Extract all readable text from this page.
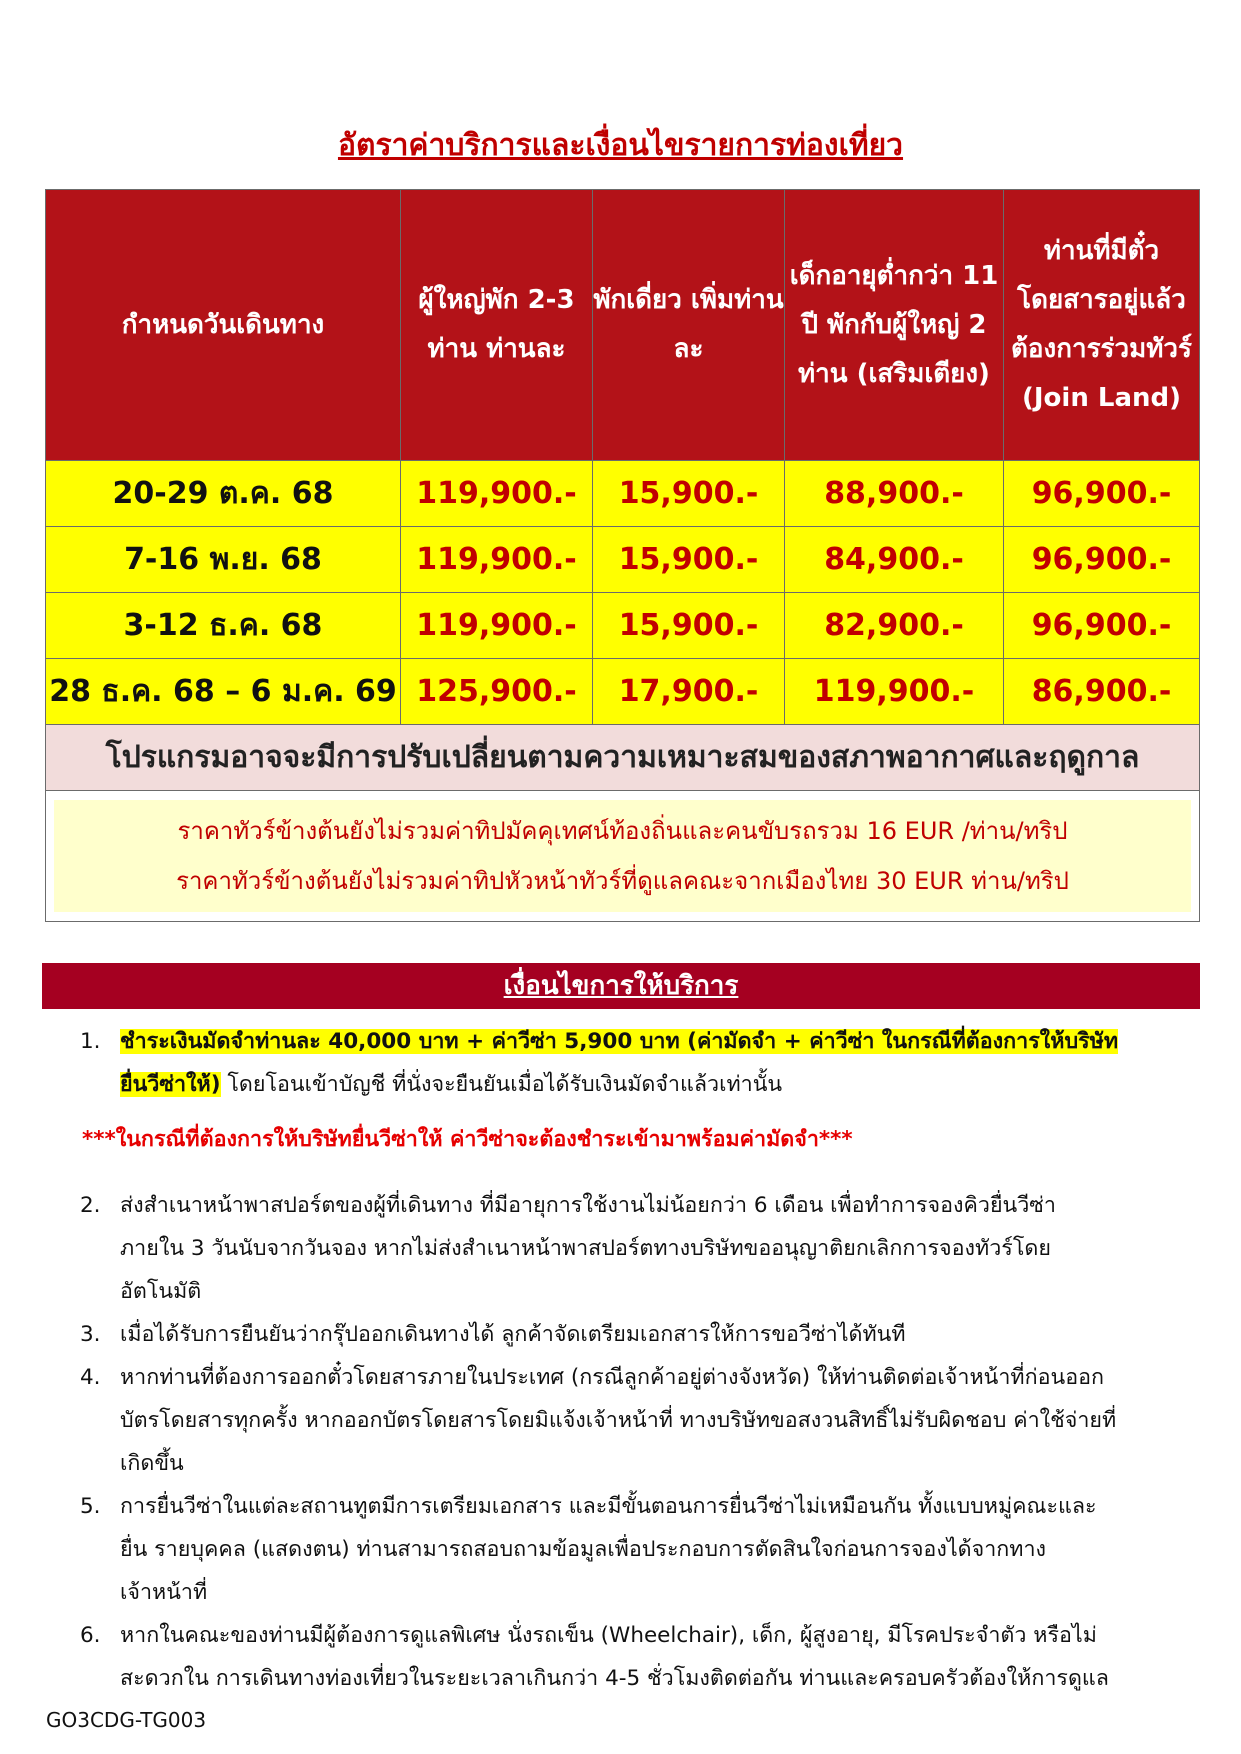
อัตราค่าบริการและเงื่อนไขรายการท่องเที่ยว
กำหนดวันเดินทาง	ผู้ใหญ่พัก 2-3 ท่าน ท่านละ	พักเดี่ยว เพิ่มท่านละ	เด็กอายุต่ำกว่า 11 ปี พักกับผู้ใหญ่ 2 ท่าน (เสริมเตียง)	ท่านที่มีตั๋วโดยสารอยู่แล้วต้องการร่วมทัวร์ (Join Land)
20-29 ต.ค. 68	119,900.-	15,900.-	88,900.-	96,900.-
7-16 พ.ย. 68	119,900.-	15,900.-	84,900.-	96,900.-
3-12 ธ.ค. 68	119,900.-	15,900.-	82,900.-	96,900.-
28 ธ.ค. 68 – 6 ม.ค. 69	125,900.-	17,900.-	119,900.-	86,900.-
โปรแกรมอาจจะมีการปรับเปลี่ยนตามความเหมาะสมของสภาพอากาศและฤดูกาล				

ราคาทัวร์ข้างต้นยังไม่รวมค่าทิปมัคคุเทศน์ท้องถิ่นและคนขับรถรวม 16 EUR /ท่าน/ทริป
ราคาทัวร์ข้างต้นยังไม่รวมค่าทิปหัวหน้าทัวร์ที่ดูแลคณะจากเมืองไทย 30 EUR ท่าน/ทริป				
เงื่อนไขการให้บริการ
1. ชำระเงินมัดจำท่านละ 40,000 บาท + ค่าวีซ่า 5,900 บาท (ค่ามัดจำ + ค่าวีซ่า ในกรณีที่ต้องการให้บริษัท
ยื่นวีซ่าให้) โดยโอนเข้าบัญชี ที่นั่งจะยืนยันเมื่อได้รับเงินมัดจำแล้วเท่านั้น
***ในกรณีที่ต้องการให้บริษัทยื่นวีซ่าให้ ค่าวีซ่าจะต้องชำระเข้ามาพร้อมค่ามัดจำ***
2. ส่งสำเนาหน้าพาสปอร์ตของผู้ที่เดินทาง ที่มีอายุการใช้งานไม่น้อยกว่า 6 เดือน เพื่อทำการจองคิวยื่นวีซ่า
ภายใน 3 วันนับจากวันจอง หากไม่ส่งสำเนาหน้าพาสปอร์ตทางบริษัทขออนุญาติยกเลิกการจองทัวร์โดย
อัตโนมัติ
3. เมื่อได้รับการยืนยันว่ากรุ๊ปออกเดินทางได้ ลูกค้าจัดเตรียมเอกสารให้การขอวีซ่าได้ทันที
4. หากท่านที่ต้องการออกตั๋วโดยสารภายในประเทศ (กรณีลูกค้าอยู่ต่างจังหวัด) ให้ท่านติดต่อเจ้าหน้าที่ก่อนออก
บัตรโดยสารทุกครั้ง หากออกบัตรโดยสารโดยมิแจ้งเจ้าหน้าที่ ทางบริษัทขอสงวนสิทธิ์ไม่รับผิดชอบ ค่าใช้จ่ายที่
เกิดขึ้น
5. การยื่นวีซ่าในแต่ละสถานทูตมีการเตรียมเอกสาร และมีขั้นตอนการยื่นวีซ่าไม่เหมือนกัน ทั้งแบบหมู่คณะและ
ยื่น รายบุคคล (แสดงตน) ท่านสามารถสอบถามข้อมูลเพื่อประกอบการตัดสินใจก่อนการจองได้จากทาง
เจ้าหน้าที่
6. หากในคณะของท่านมีผู้ต้องการดูแลพิเศษ นั่งรถเข็น (Wheelchair), เด็ก, ผู้สูงอายุ, มีโรคประจำตัว หรือไม่
สะดวกใน การเดินทางท่องเที่ยวในระยะเวลาเกินกว่า 4-5 ชั่วโมงติดต่อกัน ท่านและครอบครัวต้องให้การดูแล
GO3CDG-TG003
